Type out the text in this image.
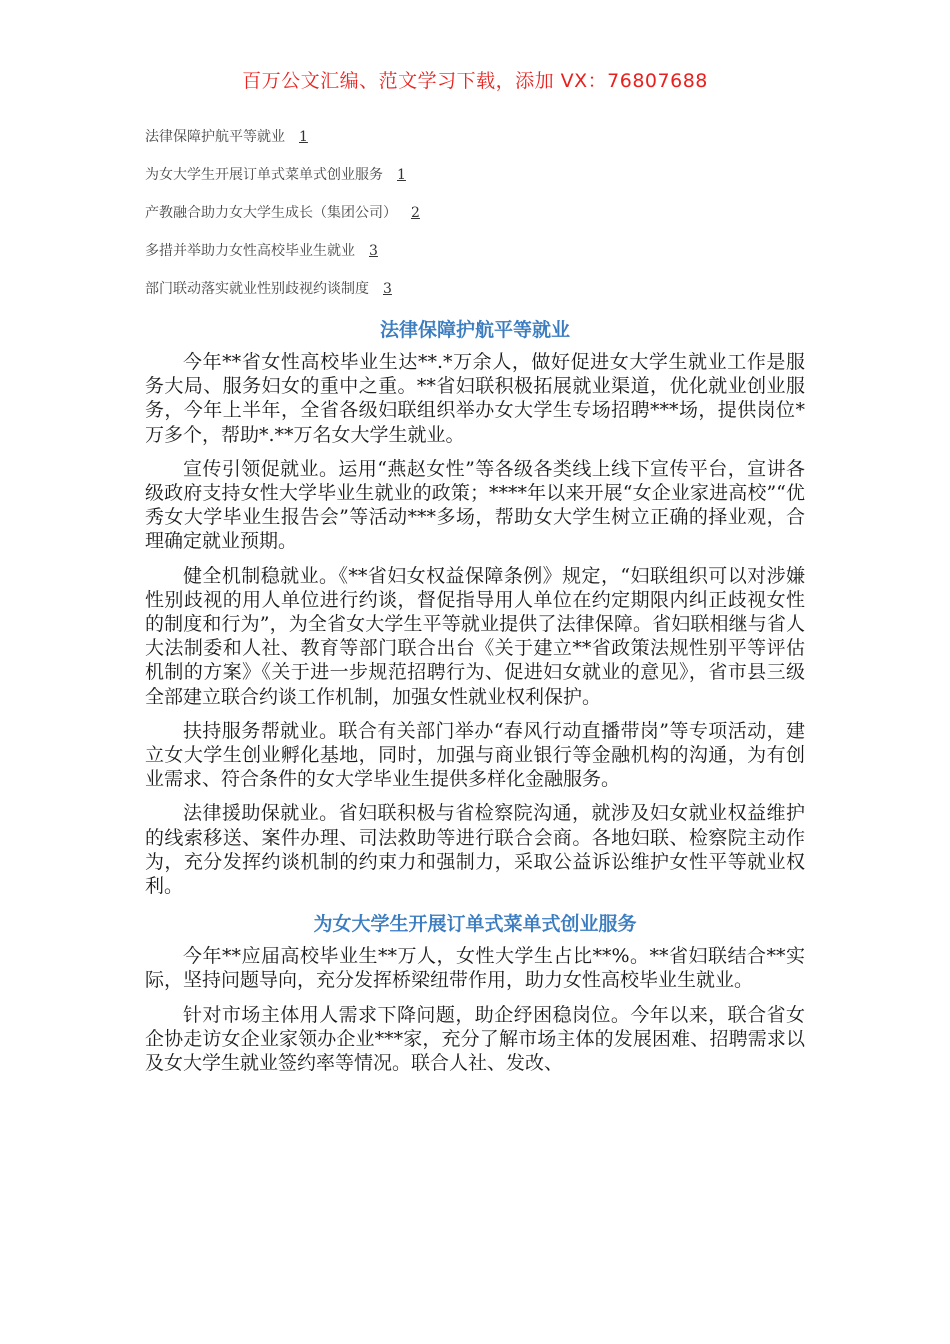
百万公文汇编、范文学习下载，添加 VX：76807688
法律保障护航平等就业 1
为女大学生开展订单式菜单式创业服务 1
产教融合助力女大学生成长（集团公司） 2
多措并举助力女性高校毕业生就业 3
部门联动落实就业性别歧视约谈制度 3
法律保障护航平等就业

今年**省女性高校毕业生达**.*万余人，做好促进女大学生就业工作是服务大局、服务妇女的重中之重。**省妇联积极拓展就业渠道，优化就业创业服务，今年上半年，全省各级妇联组织举办女大学生专场招聘***场，提供岗位*万多个，帮助*.**万名女大学生就业。

宣传引领促就业。运用“燕赵女性”等各级各类线上线下宣传平台，宣讲各级政府支持女性大学毕业生就业的政策；****年以来开展“女企业家进高校”“优秀女大学毕业生报告会”等活动***多场，帮助女大学生树立正确的择业观，合理确定就业预期。

健全机制稳就业。《**省妇女权益保障条例》规定，“妇联组织可以对涉嫌性别歧视的用人单位进行约谈，督促指导用人单位在约定期限内纠正歧视女性的制度和行为”，为全省女大学生平等就业提供了法律保障。省妇联相继与省人大法制委和人社、教育等部门联合出台《关于建立**省政策法规性别平等评估机制的方案》《关于进一步规范招聘行为、促进妇女就业的意见》，省市县三级全部建立联合约谈工作机制，加强女性就业权利保护。

扶持服务帮就业。联合有关部门举办“春风行动直播带岗”等专项活动，建立女大学生创业孵化基地，同时，加强与商业银行等金融机构的沟通，为有创业需求、符合条件的女大学毕业生提供多样化金融服务。

法律援助保就业。省妇联积极与省检察院沟通，就涉及妇女就业权益维护的线索移送、案件办理、司法救助等进行联合会商。各地妇联、检察院主动作为，充分发挥约谈机制的约束力和强制力，采取公益诉讼维护女性平等就业权利。

为女大学生开展订单式菜单式创业服务

今年**应届高校毕业生**万人，女性大学生占比**%。**省妇联结合**实际，坚持问题导向，充分发挥桥梁纽带作用，助力女性高校毕业生就业。

针对市场主体用人需求下降问题，助企纾困稳岗位。今年以来，联合省女企协走访女企业家领办企业***家，充分了解市场主体的发展困难、招聘需求以及女大学生就业签约率等情况。联合人社、发改、
